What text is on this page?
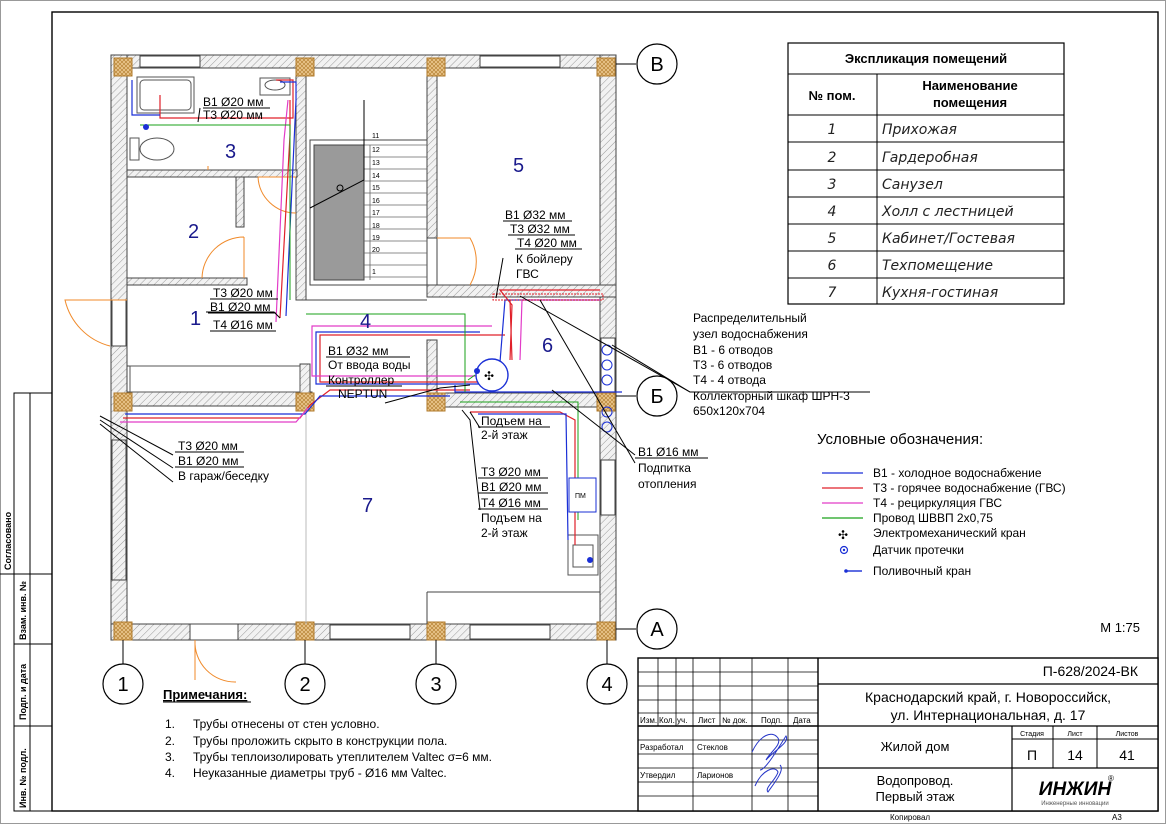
Согласовано
Взам. инв. №
Подп. и дата
Инв. № подл.
11
12
13
14
15
16
17
18
19
20
1
ПМ
✣
3
2
1	4
5
6
7
В1 Ø20 мм
Т3 Ø20 мм
Т3 Ø20 мм
В1 Ø20 мм
Т4 Ø16 мм
В1 Ø32 мм
Т3 Ø32 мм
Т4 Ø20 мм
К бойлеру
ГВС
В1 Ø32 мм
От ввода воды
Контроллер
NEPTUN
Подъем на
2-й этаж
Т3 Ø20 мм
В1 Ø20 мм
Т4 Ø16 мм
Подъем на
2-й этаж
Т3 Ø20 мм
В1 Ø20 мм
В гараж/беседку
В1 Ø16 мм
Подпитка
отопления
Распределительный
узел водоснабжения
В1 - 6 отводов
Т3 - 6 отводов
Т4 - 4 отвода
Коллекторный шкаф ШРН-3
650х120х704
В
Б
А
1	2	3	4
Экспликация помещений
№ пом.
Наименование
помещения
1	Прихожая
2	Гардеробная
3	Санузел
4	Холл с лестницей
5	Кабинет/Гостевая
6	Техпомещение
7	Кухня-гостиная
Условные обозначения:
В1 - холодное водоснабжение
Т3 - горячее водоснабжение (ГВС)
Т4 - рециркуляция ГВС
Провод ШВВП 2х0,75
✣ Электромеханический кран
Датчик протечки
Поливочный кран
М 1:75
Примечания:
1. Трубы отнесены от стен условно.
2. Трубы проложить скрыто в конструкции пола.
3. Трубы теплоизолировать утеплителем Valtec σ=6 мм.
4. Неуказанные диаметры труб - Ø16 мм Valtec.
Изм. Кол. уч. Лист № док. Подп. Дата
Разработал Стеклов
Утвердил	Ларионов
П-628/2024-ВК
Краснодарский край, г. Новороссийск,
ул. Интернациональная, д. 17
Жилой дом
Водопровод.
Первый этаж
Стадия	Лист	Листов
П 14	41
ИНЖИН
®
Инженерные инновации
Копировал	А3
